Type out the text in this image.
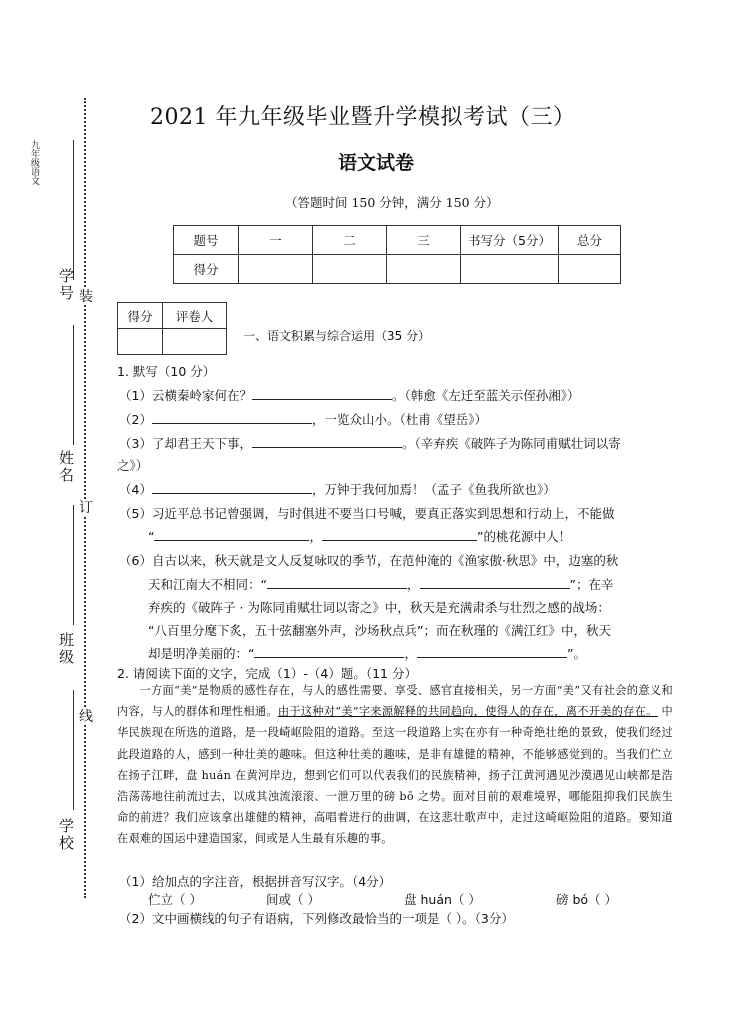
九年级语文
学号
姓名
班级
学校
装
订
线
2021 年九年级毕业暨升学模拟考试（三）
语文试卷
（答题时间 150 分钟，满分 150 分）
题号	一	二	三	书写分（5分）	总分
得分					
得分	评卷人

一、语文积累与综合运用（35 分）
1. 默写（10 分）
（1）云横秦岭家何在？	。（韩愈《左迁至蓝关示侄孙湘》）
（2）	，一览众山小。（杜甫《望岳》）
（3）了却君王天下事，	。（辛弃疾《破阵子为陈同甫赋壮词以寄
之》）
（4）	，万钟于我何加焉！（孟子《鱼我所欲也》）
（5）习近平总书记曾强调，与时俱进不要当口号喊，要真正落实到思想和行动上，不能做
“	，	”的桃花源中人！
（6）自古以来，秋天就是文人反复咏叹的季节，在范仲淹的《渔家傲·秋思》中，边塞的秋
天和江南大不相同：“	，	”；在辛
弃疾的《破阵子 · 为陈同甫赋壮词以寄之》中，秋天是充满肃杀与壮烈之感的战场：
“八百里分麾下炙，五十弦翻塞外声，沙场秋点兵”；而在秋瑾的《满江红》中，秋天
却是明净美丽的：“	，	”。
2. 请阅读下面的文字，完成（1）-（4）题。（11 分）
一方面“美”是物质的感性存在，与人的感性需要、享受、感官直接相关，另一方面“美”又有社会的意义和内容，与人的群体和理性相通。由于这种对“美”字来源解释的共同趋向，使得人的存在，离不开美的存在。 中华民族现在所选的道路，是一段崎岖险阻的道路。至这一段道路上实在亦有一种奇绝壮绝的景致，使我们经过此段道路的人，感到一种壮美的趣味。但这种壮美的趣味，是非有雄健的精神，不能够感觉到的。当我们伫立在扬子江畔，盘 huán 在黄河岸边，想到它们可以代表我们的民族精神，扬子江黄河遇见沙漠遇见山峡都是浩浩荡荡地往前流过去，以成其浊流滚滚、一泄万里的磅 bō 之势。面对目前的艰难境界，哪能阻抑我们民族生命的前进？我们应该拿出雄健的精神，高唱着进行的曲调，在这悲壮歌声中，走过这崎岖险阻的道路。要知道在艰难的国运中建造国家，间或是人生最有乐趣的事。
（1）给加点的字注音，根据拼音写汉字。（4分）
伫立（ ）	间或（ ）	盘 huán（ ）	磅 bó（ ）
（2）文中画横线的句子有语病，下列修改最恰当的一项是（ ）。（3分）
